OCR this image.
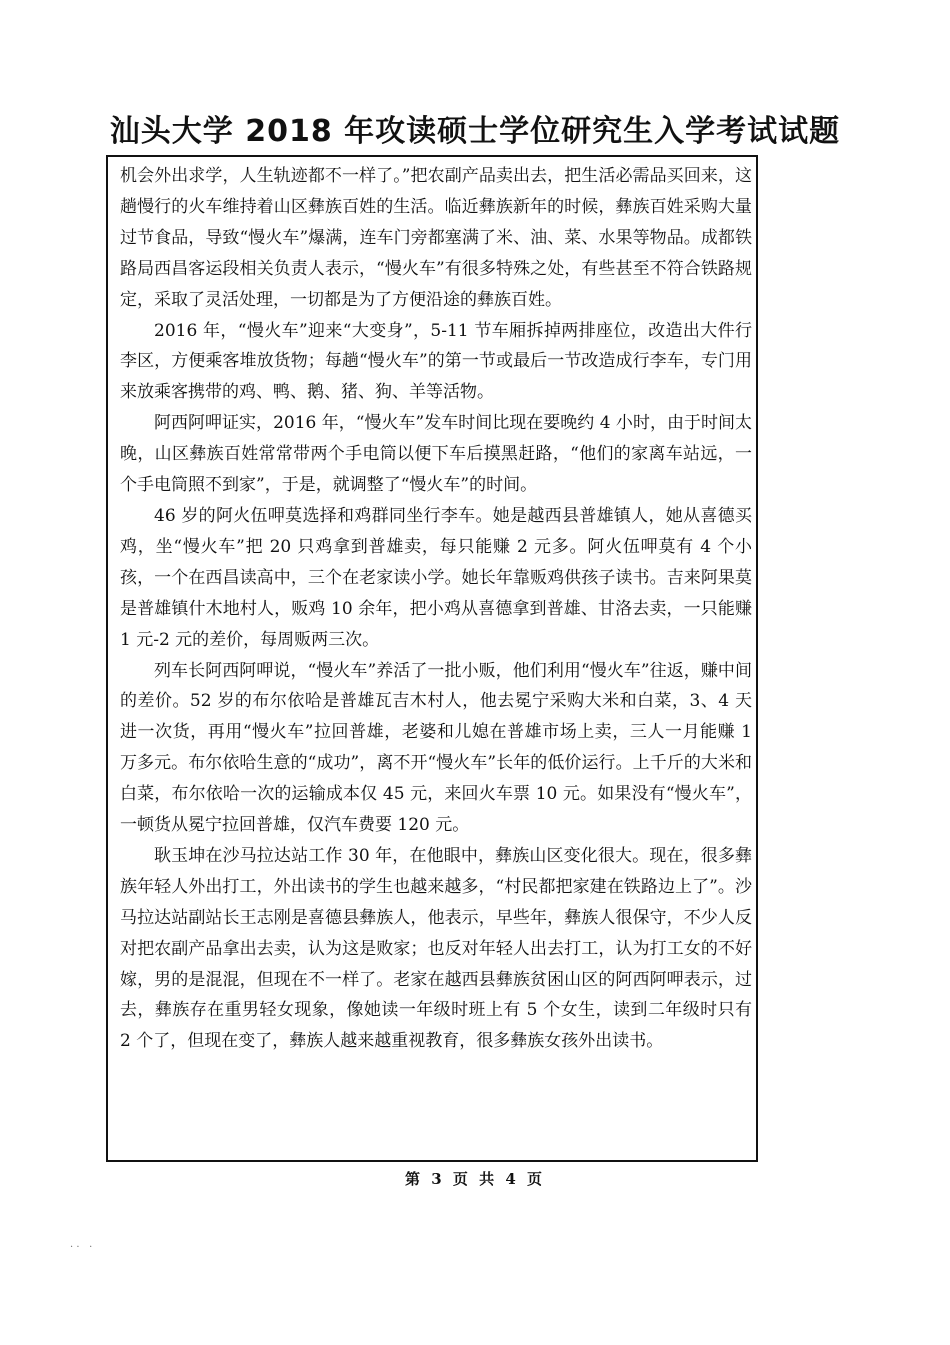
汕头大学 2018 年攻读硕士学位研究生入学考试试题

机会外出求学，人生轨迹都不一样了。”把农副产品卖出去，把生活必需品买回来，这趟慢行的火车维持着山区彝族百姓的生活。临近彝族新年的时候，彝族百姓采购大量过节食品，导致“慢火车”爆满，连车门旁都塞满了米、油、菜、水果等物品。成都铁路局西昌客运段相关负责人表示，“慢火车”有很多特殊之处，有些甚至不符合铁路规定，采取了灵活处理，一切都是为了方便沿途的彝族百姓。

2016 年，“慢火车”迎来“大变身”，5-11 节车厢拆掉两排座位，改造出大件行李区，方便乘客堆放货物；每趟“慢火车”的第一节或最后一节改造成行李车，专门用来放乘客携带的鸡、鸭、鹅、猪、狗、羊等活物。

阿西阿呷证实，2016 年，“慢火车”发车时间比现在要晚约 4 小时，由于时间太晚，山区彝族百姓常常带两个手电筒以便下车后摸黑赶路，“他们的家离车站远，一个手电筒照不到家”，于是，就调整了“慢火车”的时间。

46 岁的阿火伍呷莫选择和鸡群同坐行李车。她是越西县普雄镇人，她从喜德买鸡，坐“慢火车”把 20 只鸡拿到普雄卖，每只能赚 2 元多。阿火伍呷莫有 4 个小孩，一个在西昌读高中，三个在老家读小学。她长年靠贩鸡供孩子读书。吉来阿果莫是普雄镇什木地村人，贩鸡 10 余年，把小鸡从喜德拿到普雄、甘洛去卖，一只能赚 1 元-2 元的差价，每周贩两三次。

列车长阿西阿呷说，“慢火车”养活了一批小贩，他们利用“慢火车”往返，赚中间的差价。52 岁的布尔依哈是普雄瓦吉木村人，他去冕宁采购大米和白菜，3、4 天进一次货，再用“慢火车”拉回普雄，老婆和儿媳在普雄市场上卖，三人一月能赚 1 万多元。布尔依哈生意的“成功”，离不开“慢火车”长年的低价运行。上千斤的大米和白菜，布尔依哈一次的运输成本仅 45 元，来回火车票 10 元。如果没有“慢火车”，一顿货从冕宁拉回普雄，仅汽车费要 120 元。

耿玉坤在沙马拉达站工作 30 年，在他眼中，彝族山区变化很大。现在，很多彝族年轻人外出打工，外出读书的学生也越来越多，“村民都把家建在铁路边上了”。沙马拉达站副站长王志刚是喜德县彝族人，他表示，早些年，彝族人很保守，不少人反对把农副产品拿出去卖，认为这是败家；也反对年轻人出去打工，认为打工女的不好嫁，男的是混混，但现在不一样了。老家在越西县彝族贫困山区的阿西阿呷表示，过去，彝族存在重男轻女现象，像她读一年级时班上有 5 个女生，读到二年级时只有 2 个了，但现在变了，彝族人越来越重视教育，很多彝族女孩外出读书。

第 3 页 共 4 页
· ·   ·
